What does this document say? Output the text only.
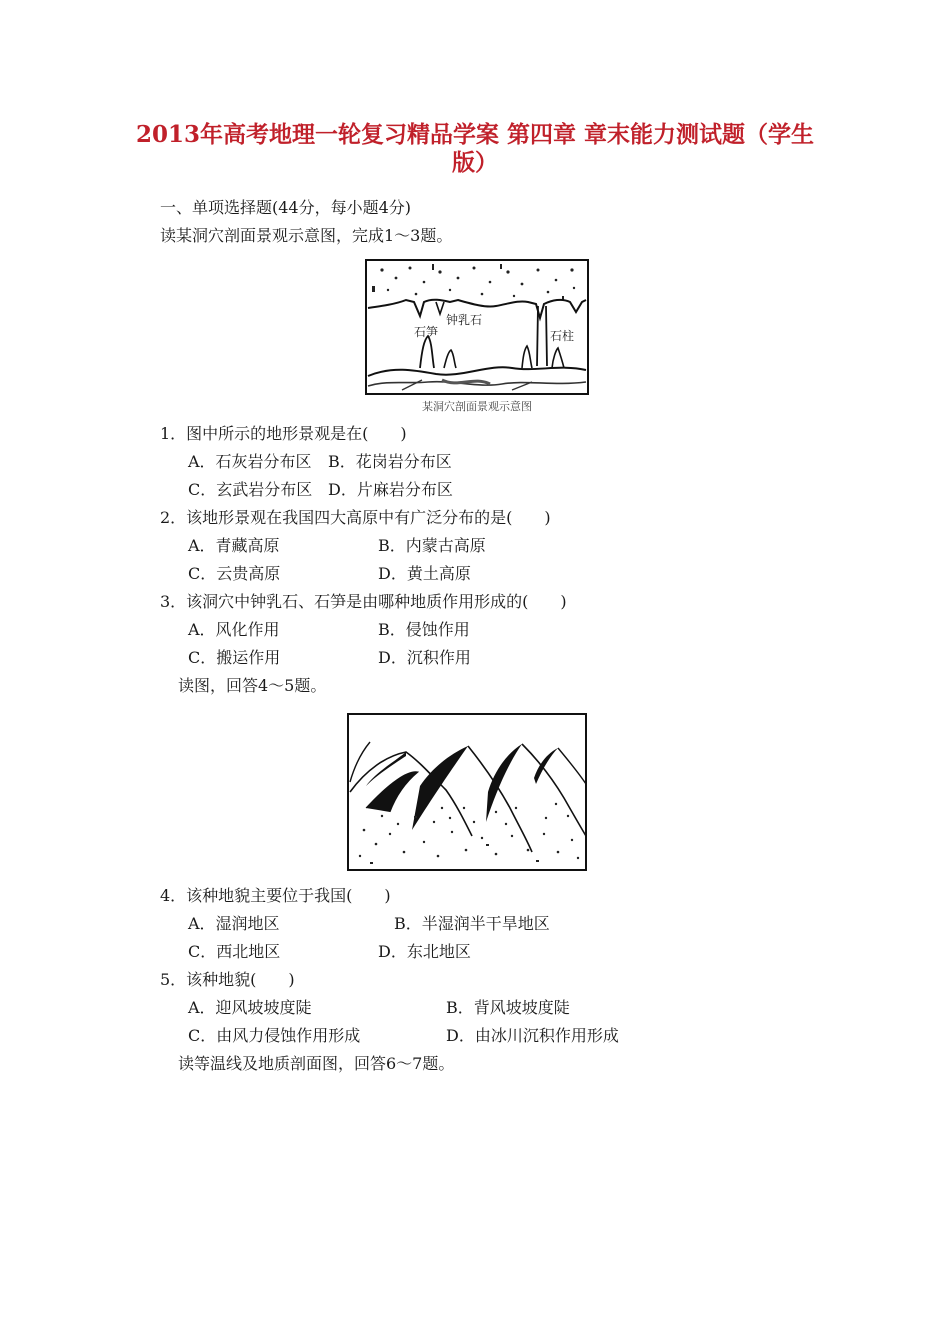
2013年高考地理一轮复习精品学案 第四章 章末能力测试题（学生
版）
一、单项选择题(44分，每小题4分)
读某洞穴剖面景观示意图，完成1～3题。
钟乳石
石笋	石柱
某洞穴剖面景观示意图
1．图中所示的地形景观是在(　　)
A．石灰岩分布区 B．花岗岩分布区
C．玄武岩分布区 D．片麻岩分布区
2．该地形景观在我国四大高原中有广泛分布的是(　　)
A．青藏高原	B．内蒙古高原
C．云贵高原	D．黄土高原
3．该洞穴中钟乳石、石笋是由哪种地质作用形成的(　　)
A．风化作用	B．侵蚀作用
C．搬运作用	D．沉积作用
读图，回答4～5题。
4．该种地貌主要位于我国(　　)
A．湿润地区	B．半湿润半干旱地区
C．西北地区	D．东北地区
5．该种地貌(　　)
A．迎风坡坡度陡	B．背风坡坡度陡
C．由风力侵蚀作用形成	D．由冰川沉积作用形成
读等温线及地质剖面图，回答6～7题。
